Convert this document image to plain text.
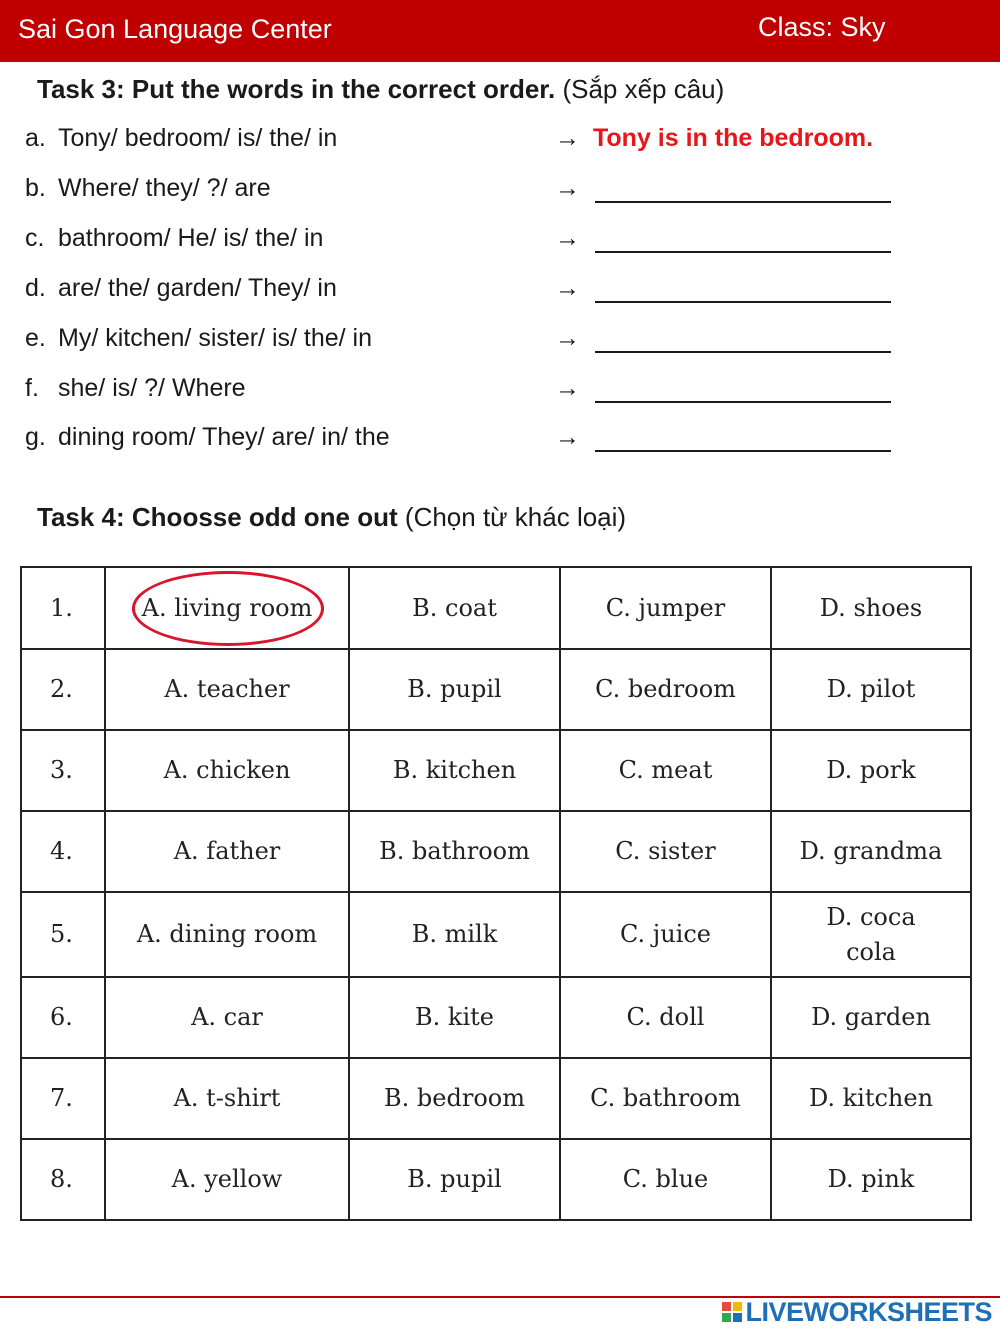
Sai Gon Language Center	Class: Sky
Task 3: Put the words in the correct order. (Sắp xếp câu)
a. Tony/ bedroom/ is/ the/ in	→ Tony is in the bedroom.
b. Where/ they/ ?/ are	→
c. bathroom/ He/ is/ the/ in	→
d. are/ the/ garden/ They/ in	→
e. My/ kitchen/ sister/ is/ the/ in	→
f. she/ is/ ?/ Where	→
g. dining room/ They/ are/ in/ the	→
Task 4: Choosse odd one out (Chọn từ khác loại)
1.	A. living room	B. coat	C. jumper	D. shoes
2.	A. teacher	B. pupil	C. bedroom	D. pilot
3.	A. chicken	B. kitchen	C. meat	D. pork
4.	A. father	B. bathroom	C. sister	D. grandma
5.	A. dining room	B. milk	C. juice	D. coca cola
6.	A. car	B. kite	C. doll	D. garden
7.	A. t-shirt	B. bedroom	C. bathroom	D. kitchen
8.	A. yellow	B. pupil	C. blue	D. pink
LIVEWORKSHEETS
